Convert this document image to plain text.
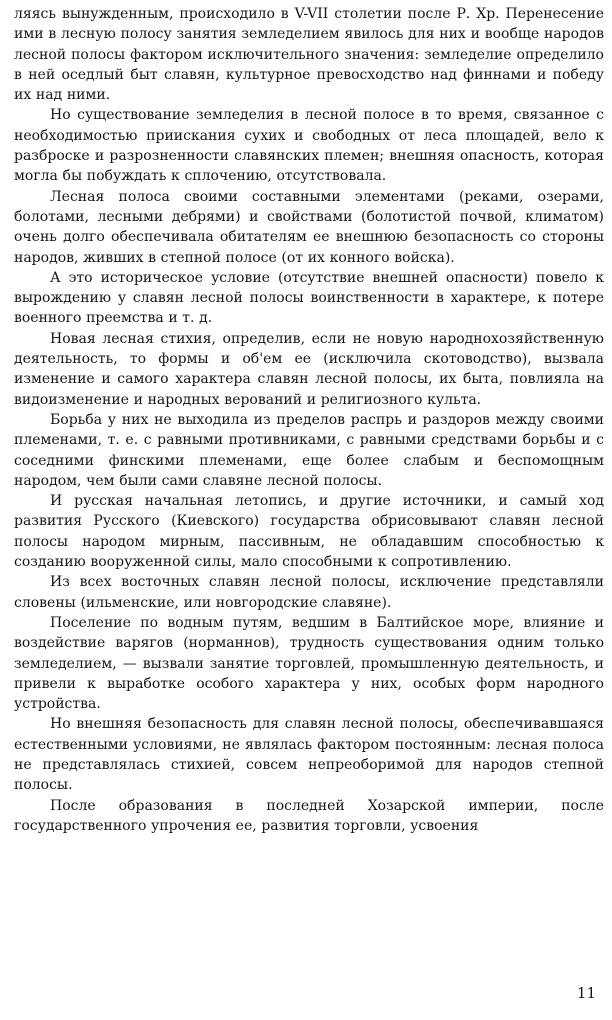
ляясь вынужденным, происходило в V-VII столетии после Р. Хр. Перенесение ими в лесную полосу занятия земледелием явилось для них и вообще народов лесной полосы фактором исключительного значения: земледелие определило в ней оседлый быт славян, культурное превосходство над финнами и победу их над ними.

Но существование земледелия в лесной полосе в то время, связанное с необходимостью приискания сухих и свободных от леса площадей, вело к разброске и разрозненности славянских племен; внешняя опасность, которая могла бы побуждать к сплочению, отсутствовала.

Лесная полоса своими составными элементами (реками, озерами, болотами, лесными дебрями) и свойствами (болотистой почвой, климатом) очень долго обеспечивала обитателям ее внешнюю безопасность со стороны народов, живших в степной полосе (от их конного войска).

А это историческое условие (отсутствие внешней опасности) повело к вырождению у славян лесной полосы воинственности в характере, к потере военного преемства и т. д.

Новая лесная стихия, определив, если не новую народнохозяйственную деятельность, то формы и об'ем ее (исключила скотоводство), вызвала изменение и самого характера славян лесной полосы, их быта, повлияла на видоизменение и народных верований и религиозного культа.

Борьба у них не выходила из пределов распрь и раздоров между своими племенами, т. е. с равными противниками, с равными средствами борьбы и с соседними финскими племенами, еще более слабым и беспомощным народом, чем были сами славяне лесной полосы.

И русская начальная летопись, и другие источники, и самый ход развития Русского (Киевского) государства обрисовывают славян лесной полосы народом мирным, пассивным, не обладавшим способностью к созданию вооруженной силы, мало способными к сопротивлению.

Из всех восточных славян лесной полосы, исключение представляли словены (ильменские, или новгородские славяне).

Поселение по водным путям, ведшим в Балтийское море, влияние и воздействие варягов (норманнов), трудность существования одним только земледелием, — вызвали занятие торговлей, промышленную деятельность, и привели к выработке особого характера у них, особых форм народного устройства.

Но внешняя безопасность для славян лесной полосы, обеспечивавшаяся естественными условиями, не являлась фактором постоянным: лесная полоса не представлялась стихией, совсем непреоборимой для народов степной полосы.

После образования в последней Хозарской империи, после государственного упрочения ее, развития торговли, усвоения

11
